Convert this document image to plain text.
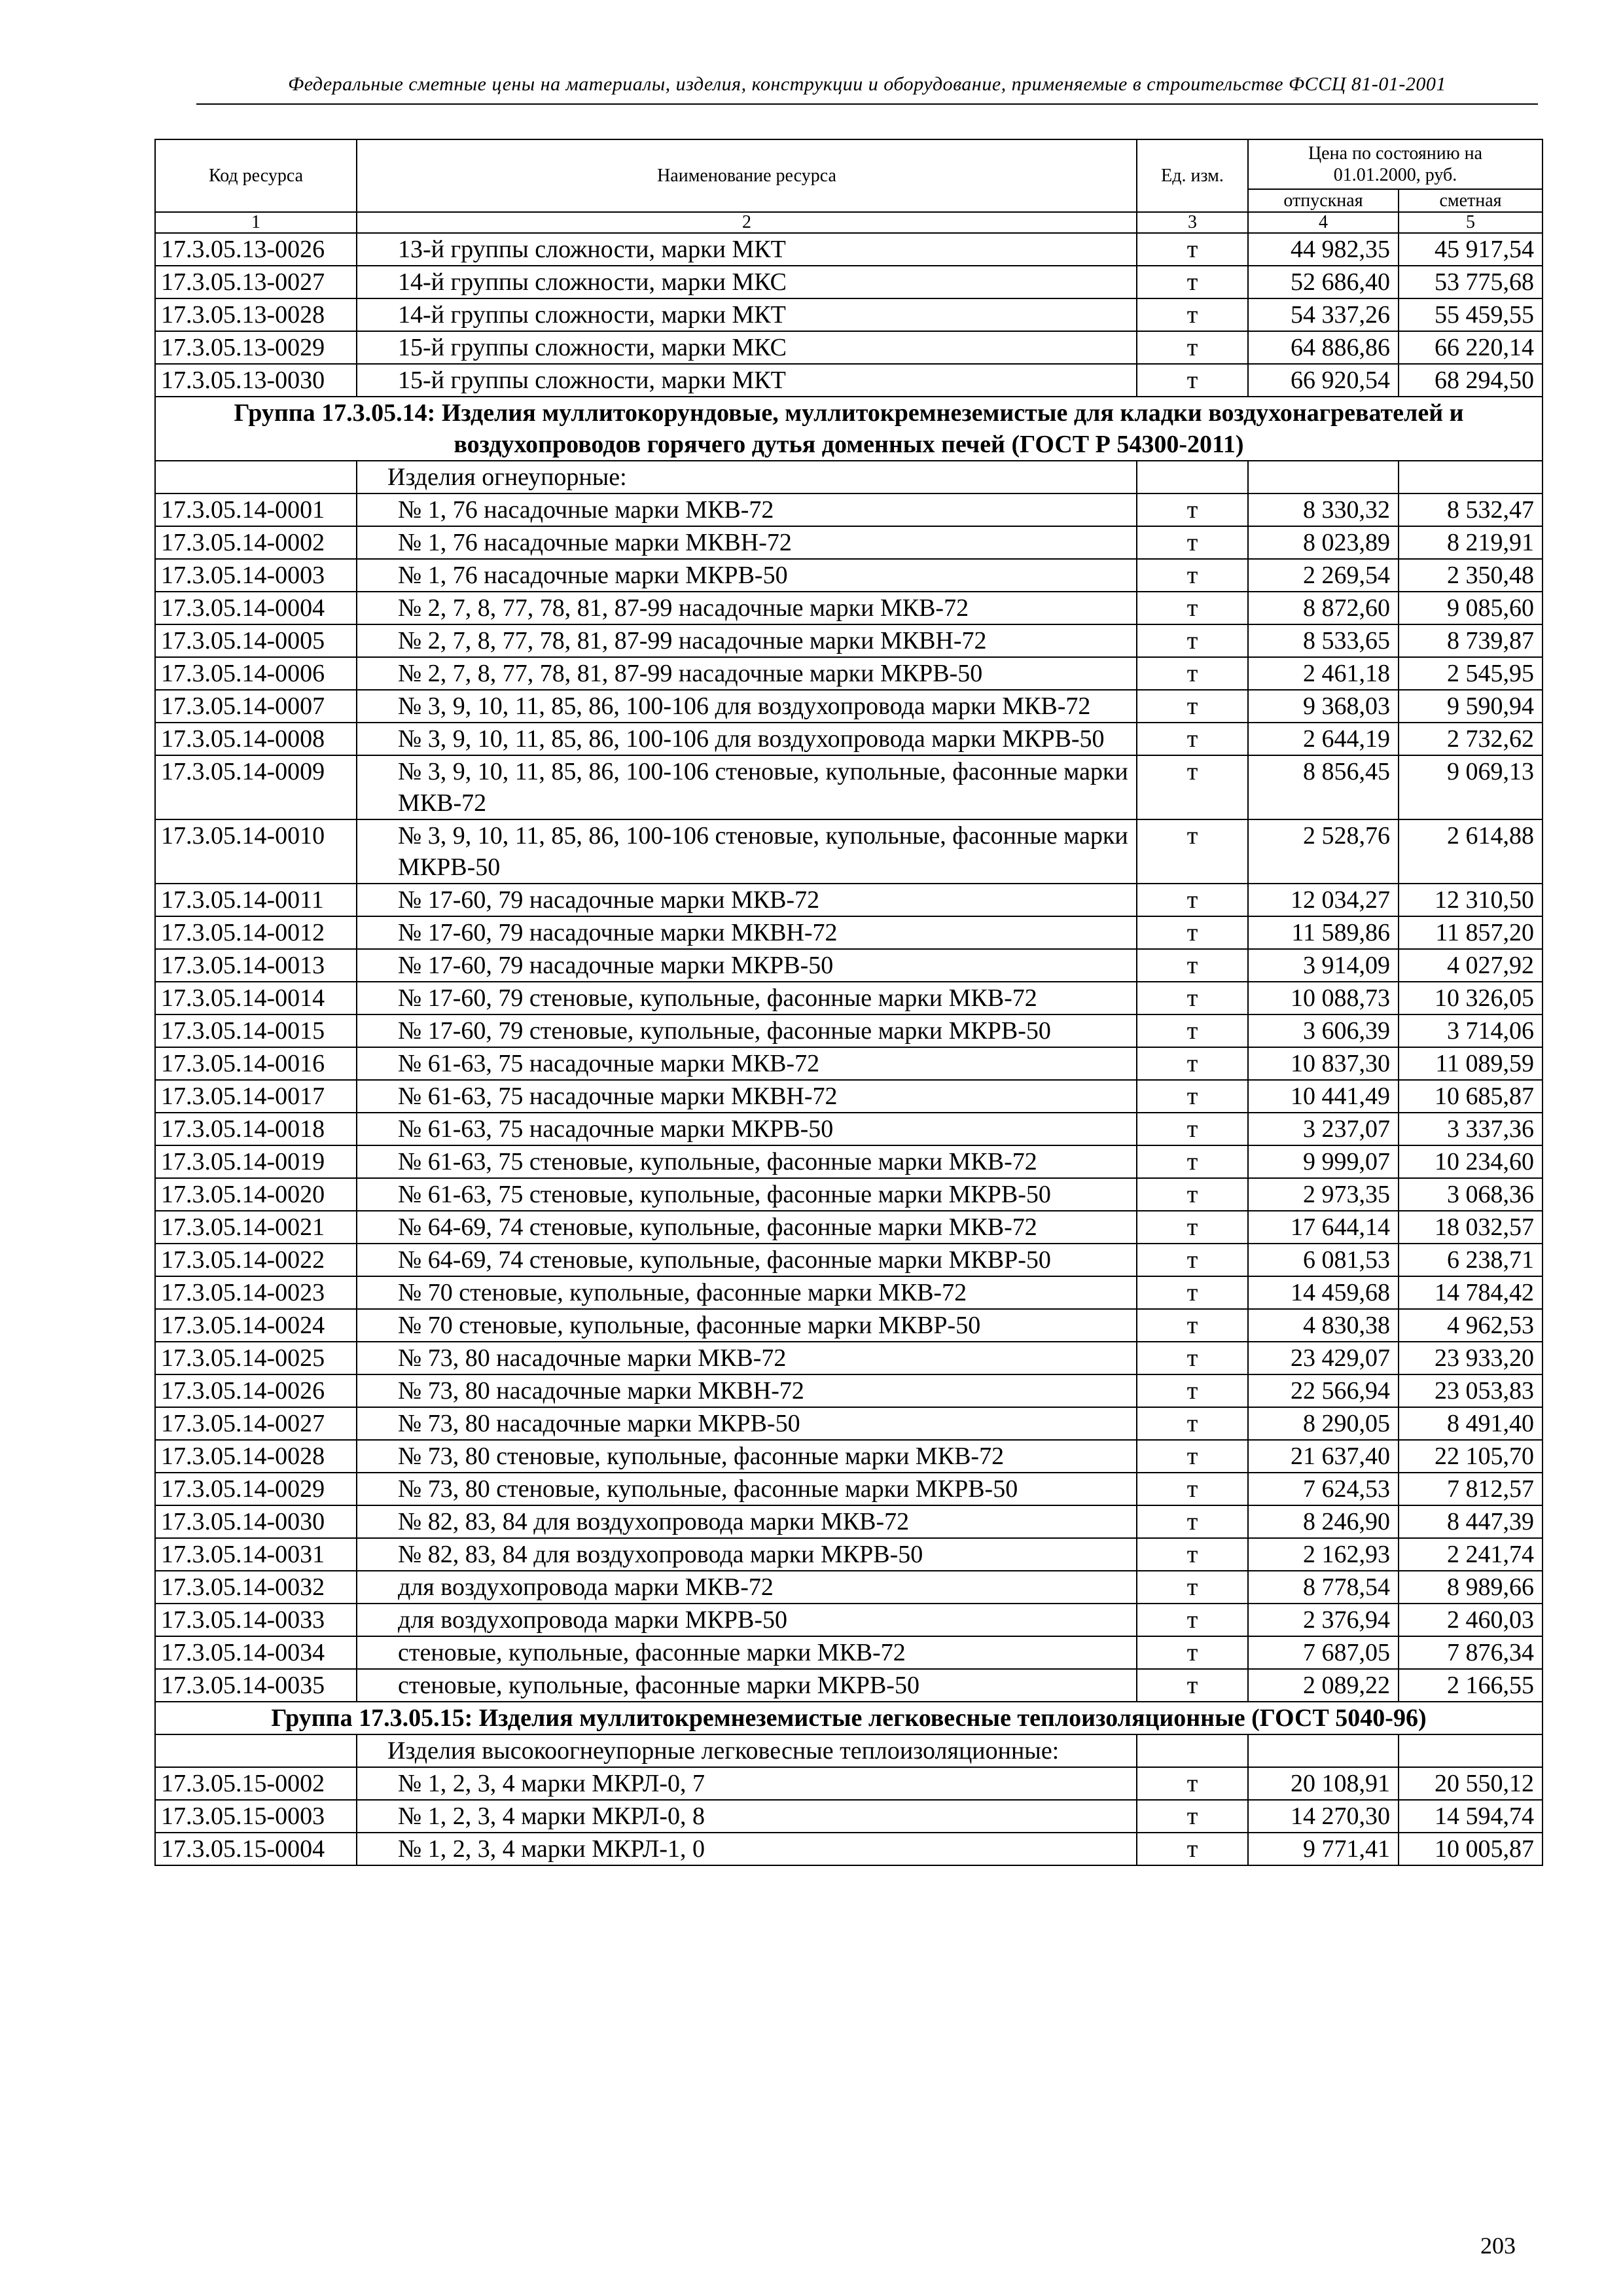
Федеральные сметные цены на материалы, изделия, конструкции и оборудование, применяемые в строительстве ФССЦ 81-01-2001
Код ресурса	Наименование ресурса	Ед. изм.	Цена по состоянию на 01.01.2000, руб.	
			отпускная	сметная
1	2	3	4	5
17.3.05.13-0026	13-й группы сложности, марки МКТ	т	44 982,35	45 917,54
17.3.05.13-0027	14-й группы сложности, марки МКС	т	52 686,40	53 775,68
17.3.05.13-0028	14-й группы сложности, марки МКТ	т	54 337,26	55 459,55
17.3.05.13-0029	15-й группы сложности, марки МКС	т	64 886,86	66 220,14
17.3.05.13-0030	15-й группы сложности, марки МКТ	т	66 920,54	68 294,50
Группа 17.3.05.14: Изделия муллитокорундовые, муллитокремнеземистые для кладки воздухонагревателей и воздухопроводов горячего дутья доменных печей (ГОСТ Р 54300-2011)				

	Изделия огнеупорные:			

17.3.05.14-0001	№ 1, 76 насадочные марки МКВ-72	т	8 330,32	8 532,47
17.3.05.14-0002	№ 1, 76 насадочные марки МКВН-72	т	8 023,89	8 219,91
17.3.05.14-0003	№ 1, 76 насадочные марки МКРВ-50	т	2 269,54	2 350,48
17.3.05.14-0004	№ 2, 7, 8, 77, 78, 81, 87-99 насадочные марки МКВ-72	т	8 872,60	9 085,60
17.3.05.14-0005	№ 2, 7, 8, 77, 78, 81, 87-99 насадочные марки МКВН-72	т	8 533,65	8 739,87
17.3.05.14-0006	№ 2, 7, 8, 77, 78, 81, 87-99 насадочные марки МКРВ-50	т	2 461,18	2 545,95
17.3.05.14-0007	№ 3, 9, 10, 11, 85, 86, 100-106 для воздухопровода марки МКВ-72	т	9 368,03	9 590,94
17.3.05.14-0008	№ 3, 9, 10, 11, 85, 86, 100-106 для воздухопровода марки МКРВ-50	т	2 644,19	2 732,62
17.3.05.14-0009	№ 3, 9, 10, 11, 85, 86, 100-106 стеновые, купольные, фасонные марки МКВ-72	т	8 856,45	9 069,13
17.3.05.14-0010	№ 3, 9, 10, 11, 85, 86, 100-106 стеновые, купольные, фасонные марки МКРВ-50	т	2 528,76	2 614,88
17.3.05.14-0011	№ 17-60, 79 насадочные марки МКВ-72	т	12 034,27	12 310,50
17.3.05.14-0012	№ 17-60, 79 насадочные марки МКВН-72	т	11 589,86	11 857,20
17.3.05.14-0013	№ 17-60, 79 насадочные марки МКРВ-50	т	3 914,09	4 027,92
17.3.05.14-0014	№ 17-60, 79 стеновые, купольные, фасонные марки МКВ-72	т	10 088,73	10 326,05
17.3.05.14-0015	№ 17-60, 79 стеновые, купольные, фасонные марки МКРВ-50	т	3 606,39	3 714,06
17.3.05.14-0016	№ 61-63, 75 насадочные марки МКВ-72	т	10 837,30	11 089,59
17.3.05.14-0017	№ 61-63, 75 насадочные марки МКВН-72	т	10 441,49	10 685,87
17.3.05.14-0018	№ 61-63, 75 насадочные марки МКРВ-50	т	3 237,07	3 337,36
17.3.05.14-0019	№ 61-63, 75 стеновые, купольные, фасонные марки МКВ-72	т	9 999,07	10 234,60
17.3.05.14-0020	№ 61-63, 75 стеновые, купольные, фасонные марки МКРВ-50	т	2 973,35	3 068,36
17.3.05.14-0021	№ 64-69, 74 стеновые, купольные, фасонные марки МКВ-72	т	17 644,14	18 032,57
17.3.05.14-0022	№ 64-69, 74 стеновые, купольные, фасонные марки МКВР-50	т	6 081,53	6 238,71
17.3.05.14-0023	№ 70 стеновые, купольные, фасонные марки МКВ-72	т	14 459,68	14 784,42
17.3.05.14-0024	№ 70 стеновые, купольные, фасонные марки МКВР-50	т	4 830,38	4 962,53
17.3.05.14-0025	№ 73, 80 насадочные марки МКВ-72	т	23 429,07	23 933,20
17.3.05.14-0026	№ 73, 80 насадочные марки МКВН-72	т	22 566,94	23 053,83
17.3.05.14-0027	№ 73, 80 насадочные марки МКРВ-50	т	8 290,05	8 491,40
17.3.05.14-0028	№ 73, 80 стеновые, купольные, фасонные марки МКВ-72	т	21 637,40	22 105,70
17.3.05.14-0029	№ 73, 80 стеновые, купольные, фасонные марки МКРВ-50	т	7 624,53	7 812,57
17.3.05.14-0030	№ 82, 83, 84 для воздухопровода марки МКВ-72	т	8 246,90	8 447,39
17.3.05.14-0031	№ 82, 83, 84 для воздухопровода марки МКРВ-50	т	2 162,93	2 241,74
17.3.05.14-0032	для воздухопровода марки МКВ-72	т	8 778,54	8 989,66
17.3.05.14-0033	для воздухопровода марки МКРВ-50	т	2 376,94	2 460,03
17.3.05.14-0034	стеновые, купольные, фасонные марки МКВ-72	т	7 687,05	7 876,34
17.3.05.14-0035	стеновые, купольные, фасонные марки МКРВ-50	т	2 089,22	2 166,55
Группа 17.3.05.15: Изделия муллитокремнеземистые легковесные теплоизоляционные (ГОСТ 5040-96)				

	Изделия высокоогнеупорные легковесные теплоизоляционные:			

17.3.05.15-0002	№ 1, 2, 3, 4 марки МКРЛ-0, 7	т	20 108,91	20 550,12
17.3.05.15-0003	№ 1, 2, 3, 4 марки МКРЛ-0, 8	т	14 270,30	14 594,74
17.3.05.15-0004	№ 1, 2, 3, 4 марки МКРЛ-1, 0	т	9 771,41	10 005,87
203
